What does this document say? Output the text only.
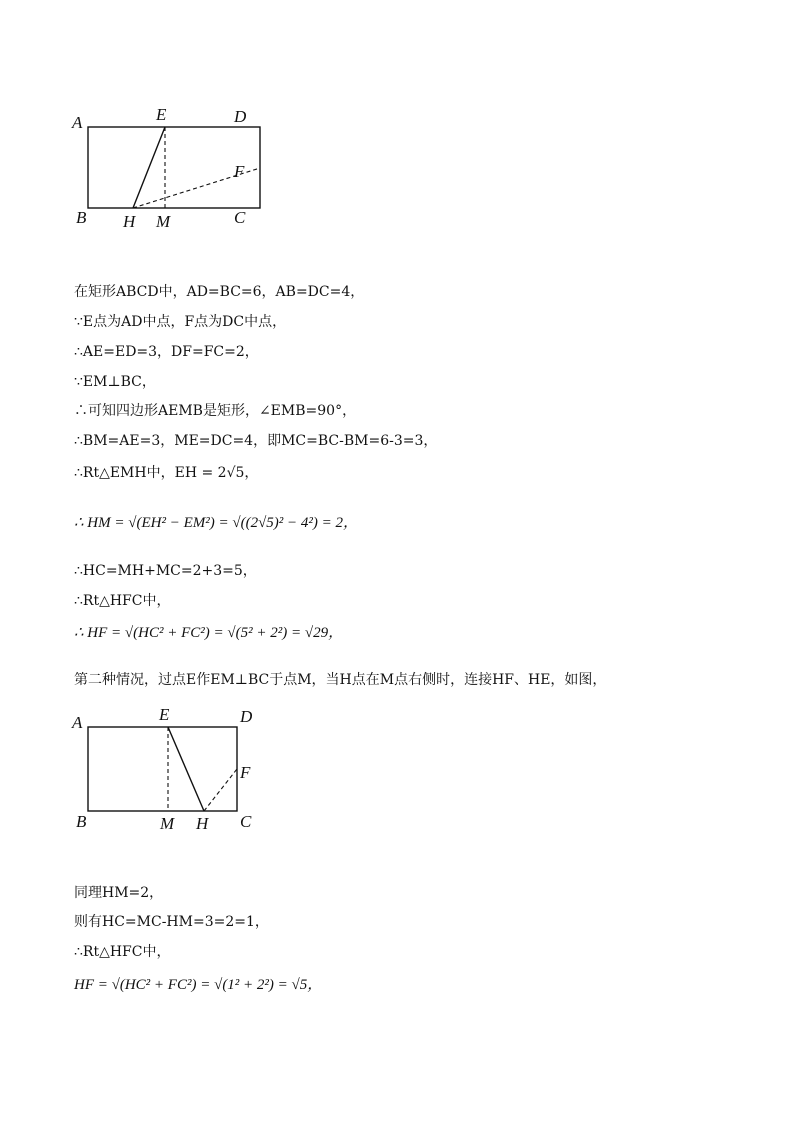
A	E	D
F
B H M	C
在矩形ABCD中，AD=BC=6，AB=DC=4，
∵E点为AD中点，F点为DC中点，
∴AE=ED=3，DF=FC=2，
∵EM⊥BC，
∴可知四边形AEMB是矩形，∠EMB=90°，
∴BM=AE=3，ME=DC=4，即MC=BC-BM=6-3=3，
∴Rt△EMH中，EH = 2√5，
∴ HM = √(EH² − EM²) = √((2√5)² − 4²) = 2，
∴HC=MH+MC=2+3=5，
∴Rt△HFC中，
∴ HF = √(HC² + FC²) = √(5² + 2²) = √29，
第二种情况，过点E作EM⊥BC于点M，当H点在M点右侧时，连接HF、HE，如图，
A	E	D
F
B	M H C
同理HM=2，
则有HC=MC-HM=3=2=1，
∴Rt△HFC中，
HF = √(HC² + FC²) = √(1² + 2²) = √5，
